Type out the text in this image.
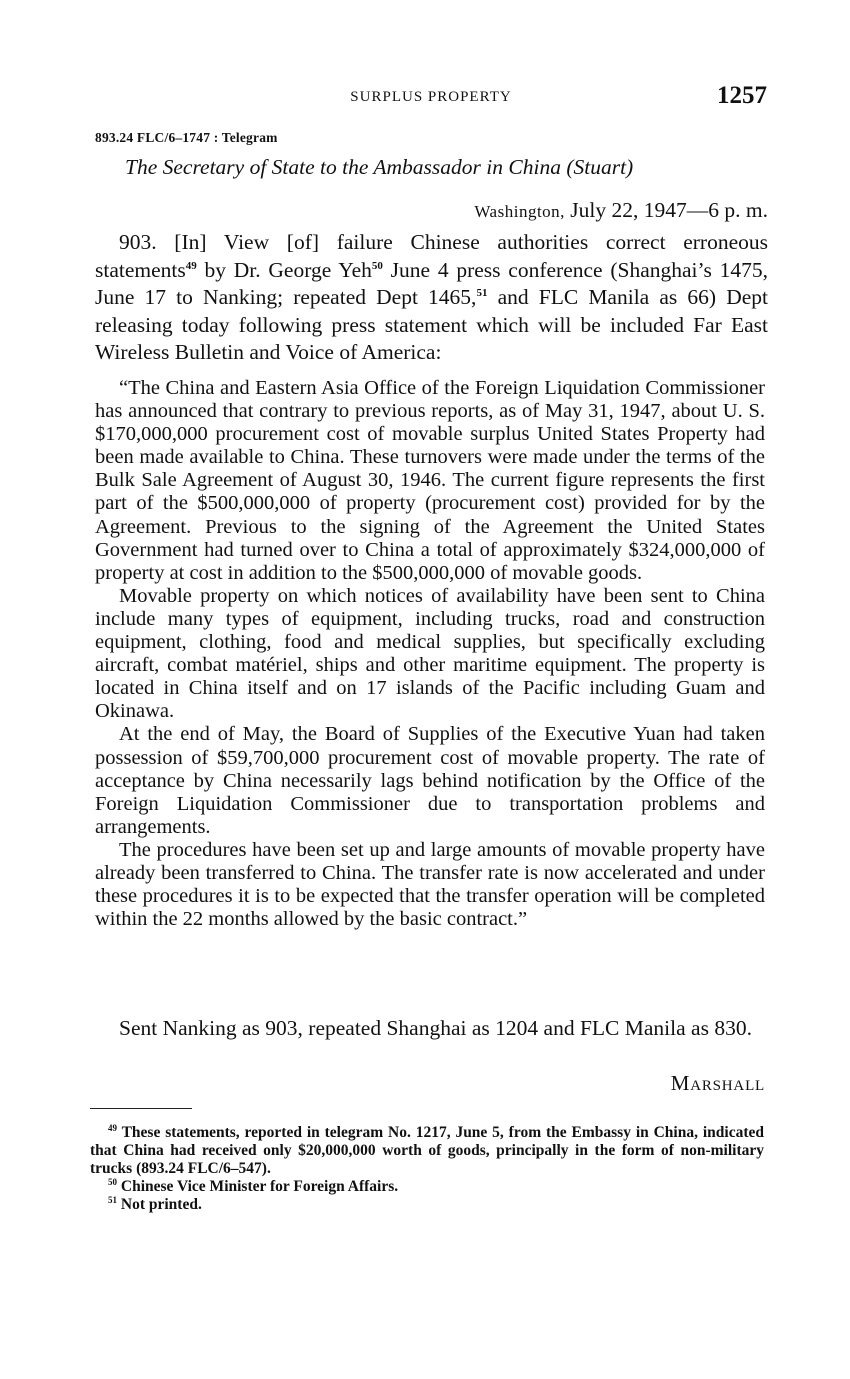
SURPLUS PROPERTY	1257
893.24 FLC/6–1747 : Telegram
The Secretary of State to the Ambassador in China (Stuart)
Washington, July 22, 1947—6 p. m.

903. [In] View [of] failure Chinese authorities correct erroneous statements$^{49}$ by Dr. George Yeh$^{50}$ June 4 press conference (Shanghai’s 1475, June 17 to Nanking; repeated Dept 1465,51 and FLC Manila as 66) Dept releasing today following press statement which will be included Far East Wireless Bulletin and Voice of America:

“The China and Eastern Asia Office of the Foreign Liquidation Commissioner has announced that contrary to previous reports, as of May 31, 1947, about U. S. $170,000,000 procurement cost of movable surplus United States Property had been made available to China. These turnovers were made under the terms of the Bulk Sale Agreement of August 30, 1946. The current figure represents the first part of the $500,000,000 of property (procurement cost) provided for by the Agreement. Previous to the signing of the Agreement the United States Government had turned over to China a total of approximately $324,000,000 of property at cost in addition to the $500,000,000 of movable goods.

Movable property on which notices of availability have been sent to China include many types of equipment, including trucks, road and construction equipment, clothing, food and medical supplies, but specifically excluding aircraft, combat matériel, ships and other maritime equipment. The property is located in China itself and on 17 islands of the Pacific including Guam and Okinawa.

At the end of May, the Board of Supplies of the Executive Yuan had taken possession of $59,700,000 procurement cost of movable property. The rate of acceptance by China necessarily lags behind notification by the Office of the Foreign Liquidation Commissioner due to transportation problems and arrangements.

The procedures have been set up and large amounts of movable property have already been transferred to China. The transfer rate is now accelerated and under these procedures it is to be expected that the transfer operation will be completed within the 22 months allowed by the basic contract.”

Sent Nanking as 903, repeated Shanghai as 1204 and FLC Manila as 830.

Marshall

$^{49}$ These statements, reported in telegram No. 1217, June 5, from the Embassy in China, indicated that China had received only $20,000,000 worth of goods, principally in the form of non-military trucks (893.24 FLC/6–547).

$^{50}$ Chinese Vice Minister for Foreign Affairs.

$^{51}$ Not printed.
